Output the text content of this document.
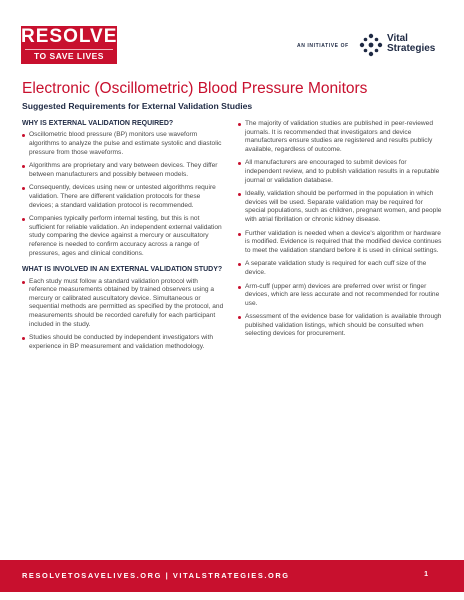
RESOLVE
TO SAVE LIVES
AN INITIATIVE OF
Vital
Strategies
Electronic (Oscillometric) Blood Pressure Monitors
Suggested Requirements for External Validation Studies
WHY IS EXTERNAL VALIDATION REQUIRED?
Oscillometric blood pressure (BP) monitors use waveform algorithms to analyze the pulse and estimate systolic and diastolic pressure from those waveforms.
Algorithms are proprietary and vary between devices. They differ between manufacturers and possibly between models.
Consequently, devices using new or untested algorithms require validation. There are different validation protocols for these devices; a standard validation protocol is recommended.
Companies typically perform internal testing, but this is not sufficient for reliable validation. An independent external validation study comparing the device against a mercury or auscultatory reference is needed to confirm accuracy across a range of pressures, ages and clinical conditions.
WHAT IS INVOLVED IN AN EXTERNAL VALIDATION STUDY?
Each study must follow a standard validation protocol with reference measurements obtained by trained observers using a mercury or calibrated auscultatory device. Simultaneous or sequential methods are permitted as specified by the protocol, and measurements should be recorded carefully for each participant included in the study.
Studies should be conducted by independent investigators with experience in BP measurement and validation methodology.
The majority of validation studies are published in peer-reviewed journals. It is recommended that investigators and device manufacturers ensure studies are registered and results publicly available, regardless of outcome.
All manufacturers are encouraged to submit devices for independent review, and to publish validation results in a reputable journal or validation database.
Ideally, validation should be performed in the population in which devices will be used. Separate validation may be required for special populations, such as children, pregnant women, and people with atrial fibrillation or chronic kidney disease.
Further validation is needed when a device's algorithm or hardware is modified. Evidence is required that the modified device continues to meet the validation standard before it is used in clinical settings.
A separate validation study is required for each cuff size of the device.
Arm-cuff (upper arm) devices are preferred over wrist or finger devices, which are less accurate and not recommended for routine use.
Assessment of the evidence base for validation is available through published validation listings, which should be consulted when selecting devices for procurement.
RESOLVETOSAVELIVES.ORG | VITALSTRATEGIES.ORG	1
